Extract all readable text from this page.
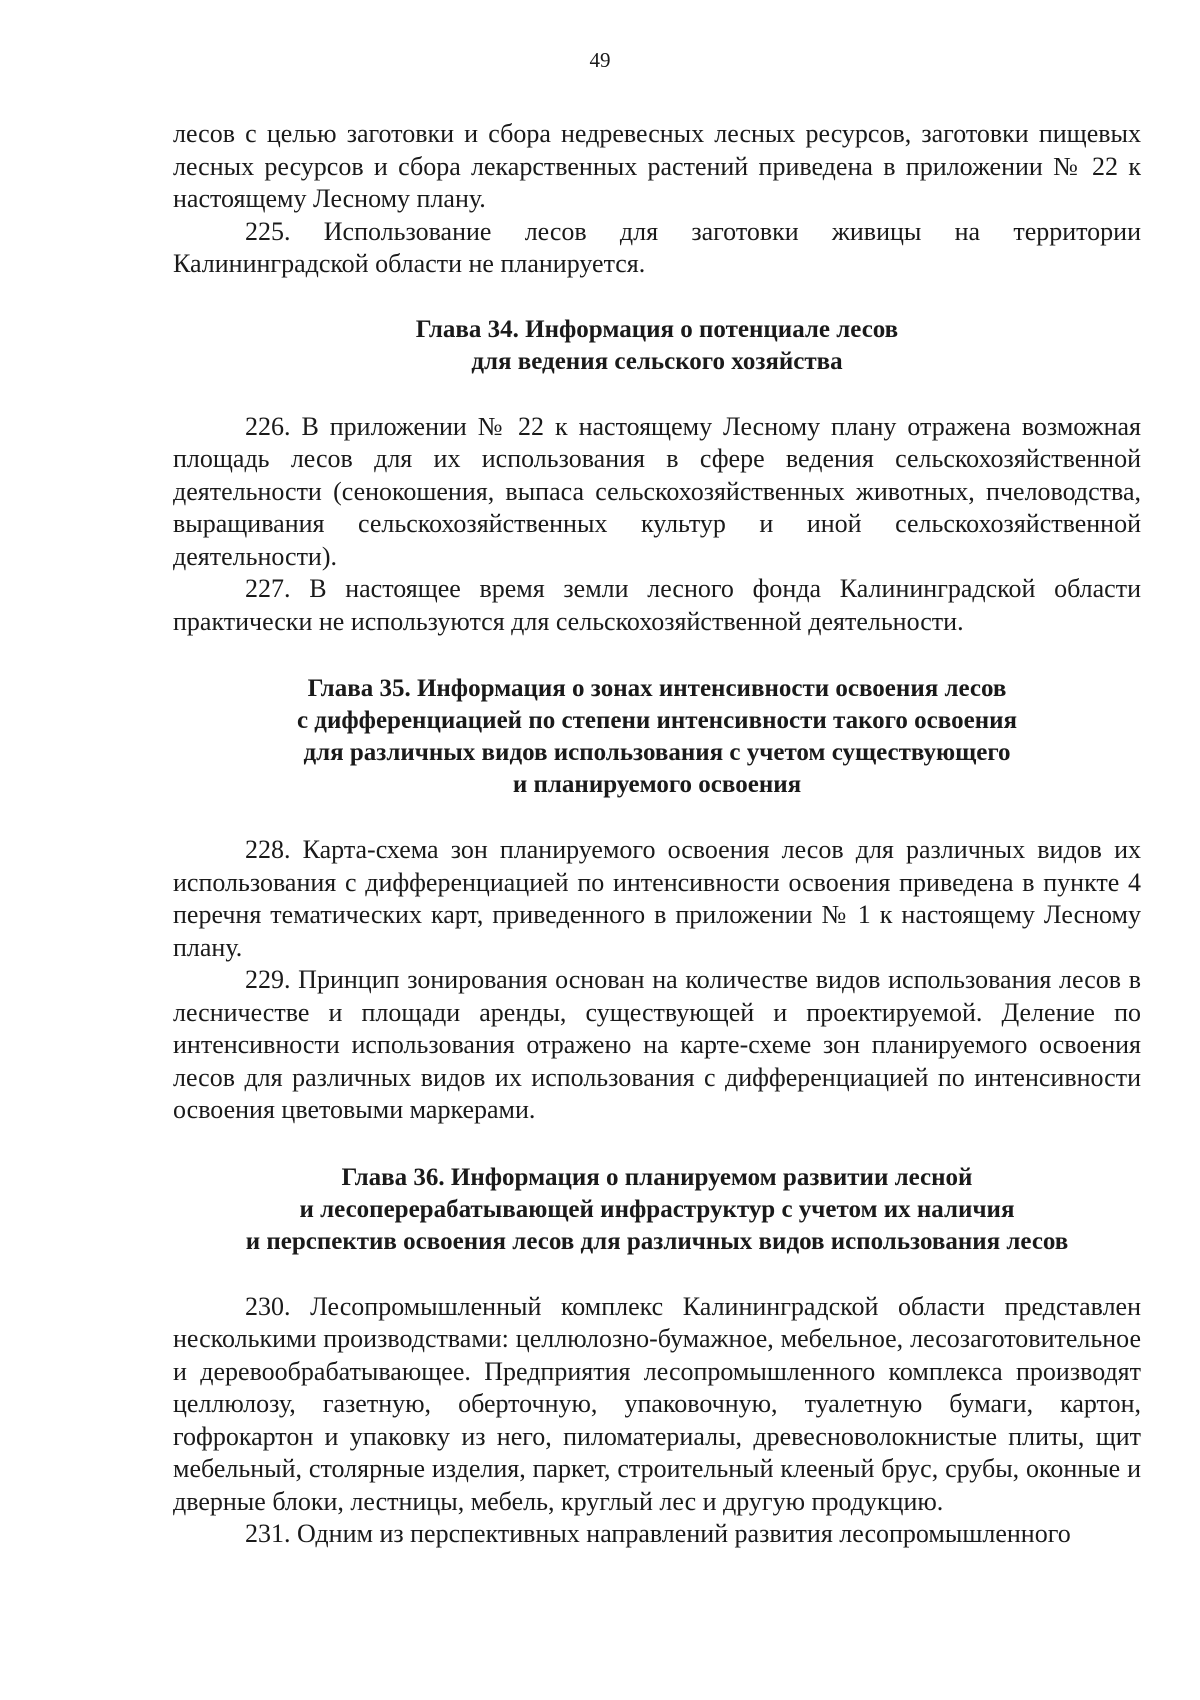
49

лесов с целью заготовки и сбора недревесных лесных ресурсов, заготовки пищевых лесных ресурсов и сбора лекарственных растений приведена в приложении № 22 к настоящему Лесному плану.

225. Использование лесов для заготовки живицы на территории Калининградской области не планируется.

Глава 34. Информация о потенциале лесов
для ведения сельского хозяйства

226. В приложении № 22 к настоящему Лесному плану отражена возможная площадь лесов для их использования в сфере ведения сельскохозяйственной деятельности (сенокошения, выпаса сельскохозяйственных животных, пчеловодства, выращивания сельскохозяйственных культур и иной сельскохозяйственной деятельности).

227. В настоящее время земли лесного фонда Калининградской области практически не используются для сельскохозяйственной деятельности.

Глава 35. Информация о зонах интенсивности освоения лесов
с дифференциацией по степени интенсивности такого освоения
для различных видов использования с учетом существующего
и планируемого освоения

228. Карта-схема зон планируемого освоения лесов для различных видов их использования с дифференциацией по интенсивности освоения приведена в пункте 4 перечня тематических карт, приведенного в приложении № 1 к настоящему Лесному плану.

229. Принцип зонирования основан на количестве видов использования лесов в лесничестве и площади аренды, существующей и проектируемой. Деление по интенсивности использования отражено на карте-схеме зон планируемого освоения лесов для различных видов их использования с дифференциацией по интенсивности освоения цветовыми маркерами.

Глава 36. Информация о планируемом развитии лесной
и лесоперерабатывающей инфраструктур с учетом их наличия
и перспектив освоения лесов для различных видов использования лесов

230. Лесопромышленный комплекс Калининградской области представлен несколькими производствами: целлюлозно-бумажное, мебельное, лесозаготовительное и деревообрабатывающее. Предприятия лесопромышленного комплекса производят целлюлозу, газетную, оберточную, упаковочную, туалетную бумаги, картон, гофрокартон и упаковку из него, пиломатериалы, древесноволокнистые плиты, щит мебельный, столярные изделия, паркет, строительный клееный брус, срубы, оконные и дверные блоки, лестницы, мебель, круглый лес и другую продукцию.

231. Одним из перспективных направлений развития лесопромышленного
